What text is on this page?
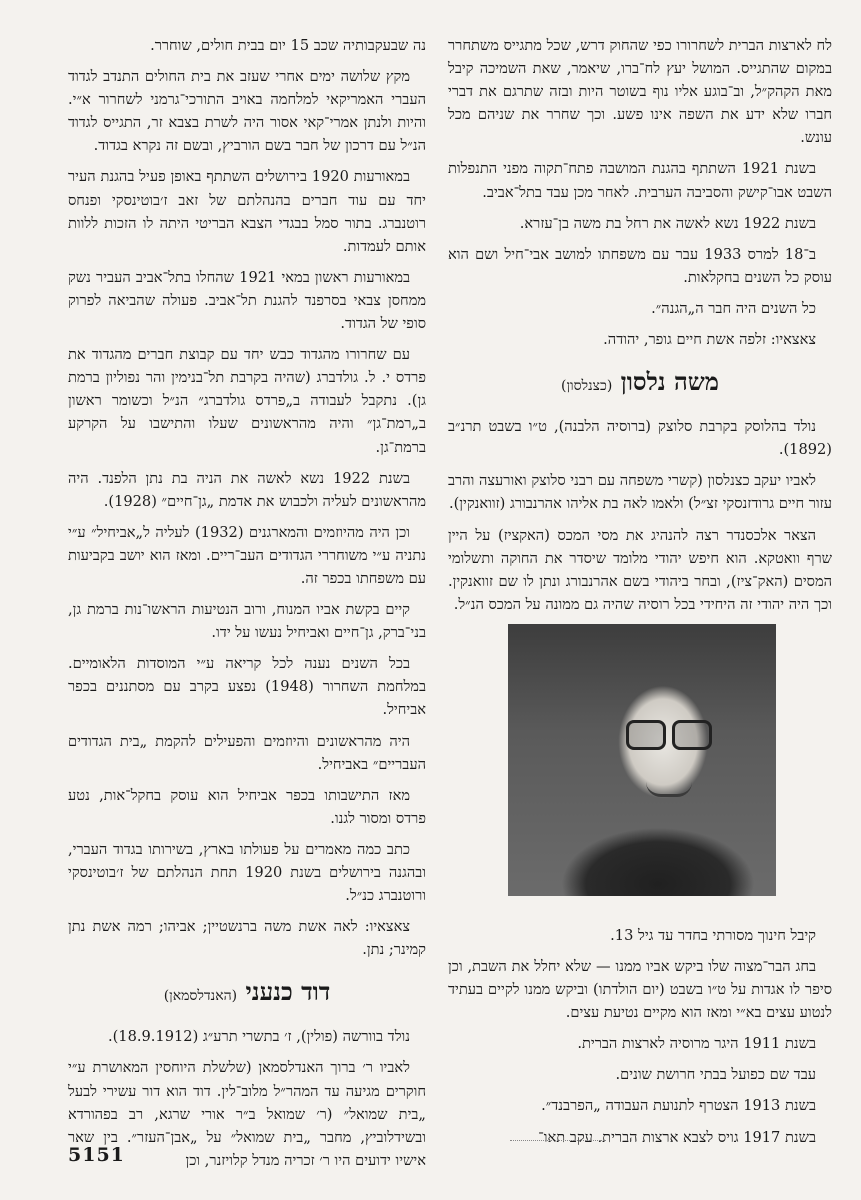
לח לארצות הברית לשחרורו כפי שהחוק דרש, שכל מתגייס משתחרר במקום שהתגייס. המושל יעץ לח־ברו, שיאמר, שאת השמיכה קיבל מאת הקהק״ל, וב־בוגע אליו נוף בשוטר היות ובזה שתרגם את דברי חברו שלא ידע את השפה אינו פשע. וכך שחרר את שניהם מכל עונש.

בשנת 1921 השתתף בהגנת המושבה פתח־תקוה מפני התנפלות השבט אבו־קישק והסביבה הערבית. לאחר מכן עבד בתל־אביב.

בשנת 1922 נשא לאשה את רחל בת משה בן־עזרא.

ב־18 למרס 1933 עבר עם משפחתו למושב אבי־חיל ושם הוא עוסק כל השנים בחקלאות.

כל השנים היה חבר ה„הגנה״.

צאצאיו: זלפה אשת חיים גופר, יהודה.

משה נלסון (כצנלסון)

נולד בהלוסק בקרבת סלוצק (ברוסיה הלבנה), ט״ו בשבט תרנ״ב (1892).

לאביו יעקב כצנלסון (קשרי משפחה עם רבני סלוצק ואורעצה והרב עזור חיים גרודזנסקי זצ״ל) ולאמו לאה בת אליהו אהרנבורג (זוואנקין).

הצאר אלכסנדר רצה להנהיג את מסי המכס (האקציז) על היין שרף וואטקא. הוא חיפש יהודי מלומד שיסדר את החוקה ותשלומי המסים (האק־ציז), ובחר ביהודי בשם אהרנבורג ונתן לו שם זוואנקין. וכך היה יהודי זה היחידי בכל רוסיה שהיה גם ממונה על המכס הנ״ל.

קיבל חינוך מסורתי בחדר עד גיל 13.

בחג הבר־מצוה שלו ביקש אביו ממנו — שלא יחלל את השבת, וכן סיפר לו אגדות על ט״ו בשבט (יום הולדתו) וביקש ממנו לקיים בעתיד לנטוע עצים בא״י ומאז הוא מקיים נטיעת עצים.

בשנת 1911 היגר מרוסיה לארצות הברית.

עבד שם כפועל בבתי חרושת שונים.

בשנת 1913 הצטרף לתנועת העבודה „הפרבנד״.

בשנת 1917 גויס לצבא ארצות הברית. עקב תאו־

נה שבעקבותיה שכב 15 יום בבית חולים, שוחרר.

מקץ שלושה ימים אחרי שעזב את בית החולים התנדב לגדוד העברי האמריקאי למלחמה באויב התורכי־גרמני לשחרור א״י. והיות ולנתן אמרי־קאי אסור היה לשרת בצבא זר, התגייס לגדוד הנ״ל עם דרכון של חבר בשם הורביץ, ובשם זה נקרא בגדוד.

במאורעות 1920 בירושלים השתתף באופן פעיל בהגנת העיר יחד עם עוד חברים בהנהלתם של זאב ז׳בוטינסקי ופנחס רוטנברג. בתור סמל בבגדי הצבא הבריטי היתה לו הזכות ללוות אותם לעמדות.

במאורעות ראשון במאי 1921 שהחלו בתל־אביב העביר נשק ממחסן צבאי בסרפנד להגנת תל־אביב. פעולה שהביאה לפרוק סופי של הגדוד.

עם שחרורו מהגדוד כבש יחד עם קבוצת חברים מהגדוד את פרדס י. ל. גולדברג (שהיה בקרבת תל־בנימין והר נפוליון ברמת גן). נתקבל לעבודה ב„פרדס גולדברג״ הנ״ל וכשומר ראשון ב„רמת־גן״ והיה מהראשונים שעלו והתישבו על הקרקע ברמת־גן.

בשנת 1922 נשא לאשה את הניה בת נתן הלפנד. היה מהראשונים לעליה ולכבוש את אדמת „גן־חיים״ (1928).

וכן היה מהיוזמים והמארגנים (1932) לעליה ל„אביחיל״ ע״י נתניה ע״י משוחררי הגדודים העב־ריים. ומאז הוא יושב בקביעות עם משפחתו בכפר זה.

קיים בקשת אביו המנוח, ורוב הנטיעות הראשו־נות ברמת גן, בני־ברק, גן־חיים ואביחיל נעשו על ידו.

בכל השנים נענה לכל קריאה ע״י המוסדות הלאומיים. במלחמת השחרור (1948) נפצע בקרב עם מסתננים בכפר אביחיל.

היה מהראשונים והיוזמים והפעילים להקמת „בית הגדודים העבריים״ באביחיל.

מאז התישבותו בכפר אביחיל הוא עוסק בחקל־אות, נטע פרדס ומסור לגנו.

כתב כמה מאמרים על פעולתו בארץ, בשירותו בגדוד העברי, ובהגנה בירושלים בשנת 1920 תחת הנהלתם של ז׳בוטינסקי ורוטנברג כנ״ל.

צאצאיו: לאה אשת משה ברנשטיין; אביהו; רמה אשת נתן קמינר; נתן.

דוד כנעני (האנדלסמאן)

נולד בוורשה (פולין), ז׳ בתשרי תרע״ג (18.9.1912).

לאביו ר׳ ברוך האנדלסמאן (שלשלת היוחסין המאושרת ע״י חוקרים מגיעה עד המהר״ל מלוב־לין. דוד הוא דור עשירי לבעל „בית שמואל״ (ר׳ שמואל ב״ר אורי שרגא, רב בפהורדא ובשידלוביץ, מחבר „בית שמואל״ על „אבן־העזר״. בין שאר אישיו ידועים היו ר׳ זכריה מנדל קלויזנר, וכן

5151
